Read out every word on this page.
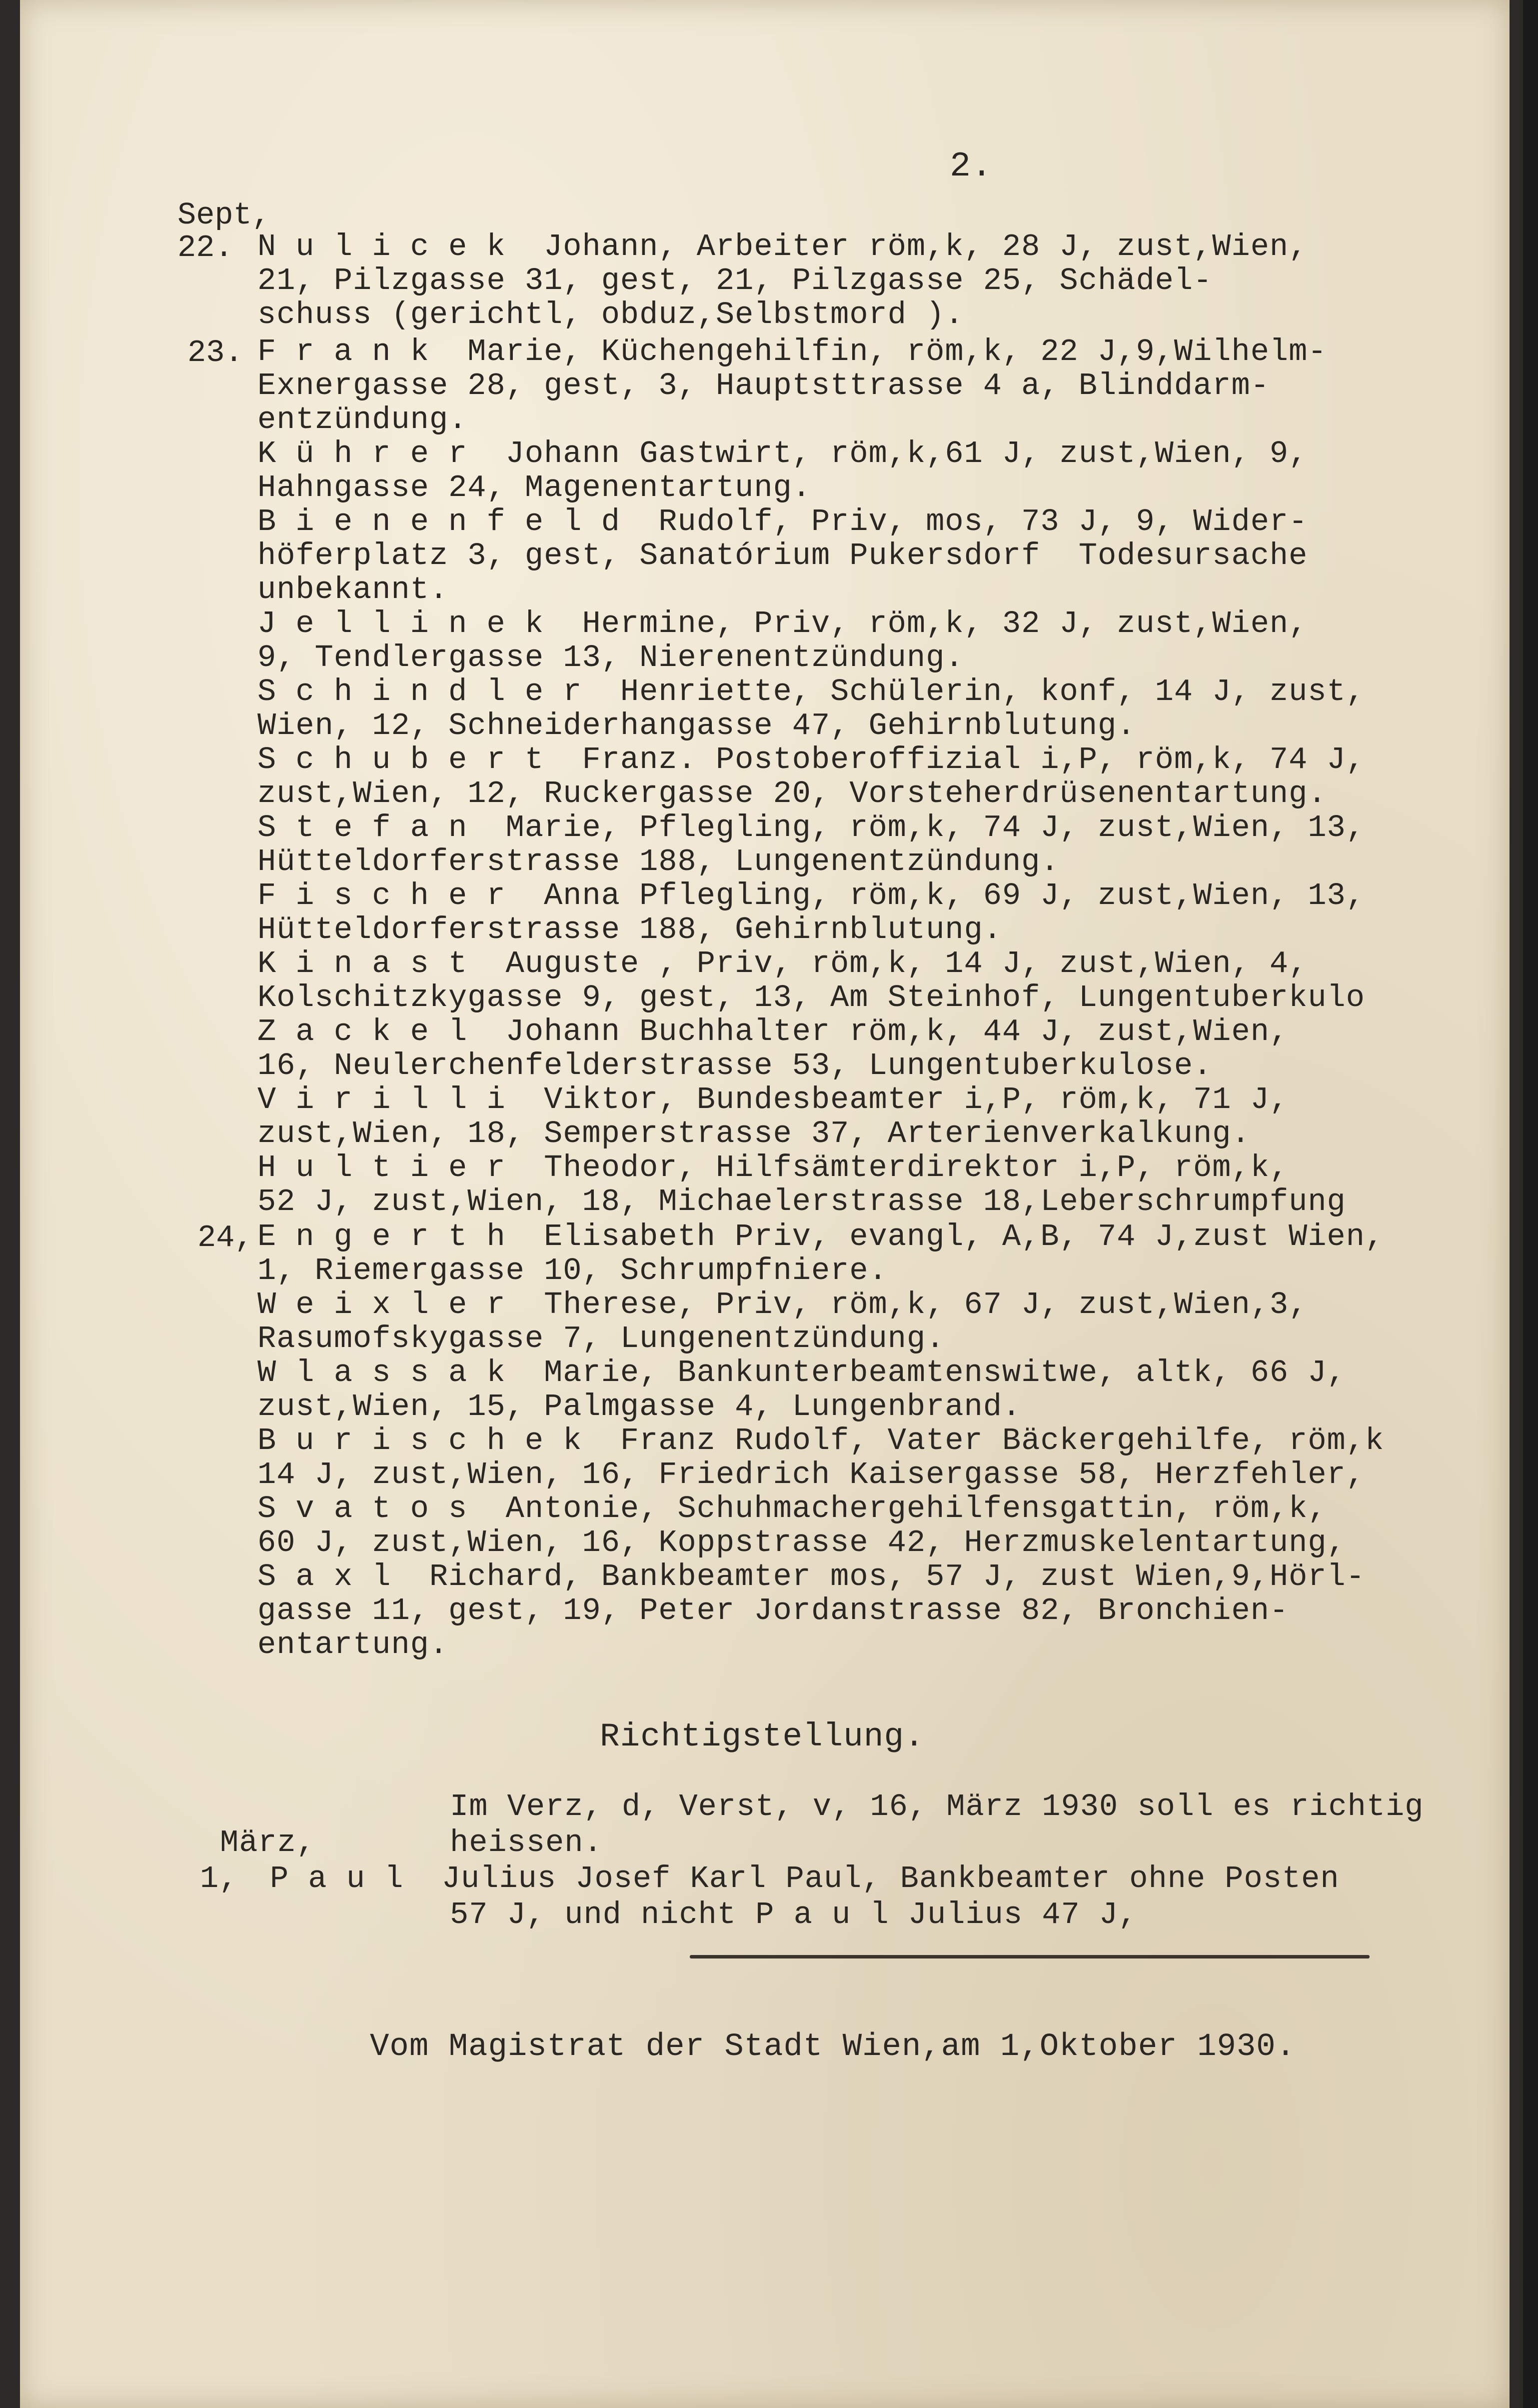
2.
Sept,
22.
23.
24,

N u l i c e k  Johann, Arbeiter röm,k, 28 J, zust,Wien,

21, Pilzgasse 31, gest, 21, Pilzgasse 25, Schädel-

schuss (gerichtl, obduz,Selbstmord ).

F r a n k  Marie, Küchengehilfin, röm,k, 22 J,9,Wilhelm-

Exnergasse 28, gest, 3, Hauptsttrasse 4 a, Blinddarm-

entzündung.

K ü h r e r  Johann Gastwirt, röm,k,61 J, zust,Wien, 9,

Hahngasse 24, Magenentartung.

B i e n e n f e l d  Rudolf, Priv, mos, 73 J, 9, Wider-

höferplatz 3, gest, Sanatórium Pukersdorf  Todesursache

unbekannt.

J e l l i n e k  Hermine, Priv, röm,k, 32 J, zust,Wien,

9, Tendlergasse 13, Nierenentzündung.

S c h i n d l e r  Henriette, Schülerin, konf, 14 J, zust,

Wien, 12, Schneiderhangasse 47, Gehirnblutung.

S c h u b e r t  Franz. Postoberoffizial i,P, röm,k, 74 J,

zust,Wien, 12, Ruckergasse 20, Vorsteherdrüsenentartung.

S t e f a n  Marie, Pflegling, röm,k, 74 J, zust,Wien, 13,

Hütteldorferstrasse 188, Lungenentzündung.

F i s c h e r  Anna Pflegling, röm,k, 69 J, zust,Wien, 13,

Hütteldorferstrasse 188, Gehirnblutung.

K i n a s t  Auguste , Priv, röm,k, 14 J, zust,Wien, 4,

Kolschitzkygasse 9, gest, 13, Am Steinhof, Lungentuberkulo

Z a c k e l  Johann Buchhalter röm,k, 44 J, zust,Wien,

16, Neulerchenfelderstrasse 53, Lungentuberkulose.

V i r i l l i  Viktor, Bundesbeamter i,P, röm,k, 71 J,

zust,Wien, 18, Semperstrasse 37, Arterienverkalkung.

H u l t i e r  Theodor, Hilfsämterdirektor i,P, röm,k,

52 J, zust,Wien, 18, Michaelerstrasse 18,Leberschrumpfung

E n g e r t h  Elisabeth Priv, evangl, A,B, 74 J,zust Wien,

1, Riemergasse 10, Schrumpfniere.

W e i x l e r  Therese, Priv, röm,k, 67 J, zust,Wien,3,

Rasumofskygasse 7, Lungenentzündung.

W l a s s a k  Marie, Bankunterbeamtenswitwe, altk, 66 J,

zust,Wien, 15, Palmgasse 4, Lungenbrand.

B u r i s c h e k  Franz Rudolf, Vater Bäckergehilfe, röm,k

14 J, zust,Wien, 16, Friedrich Kaisergasse 58, Herzfehler,

S v a t o s  Antonie, Schuhmachergehilfensgattin, röm,k,

60 J, zust,Wien, 16, Koppstrasse 42, Herzmuskelentartung,

S a x l  Richard, Bankbeamter mos, 57 J, zust Wien,9,Hörl-

gasse 11, gest, 19, Peter Jordanstrasse 82, Bronchien-

entartung.

Richtigstellung.

Im Verz, d, Verst, v, 16, März 1930 soll es richtig

März,

	heissen.

1,

P a u l  Julius Josef Karl Paul, Bankbeamter ohne Posten

57 J, und nicht P a u l Julius 47 J,

Vom Magistrat der Stadt Wien,am 1,Oktober 1930.
